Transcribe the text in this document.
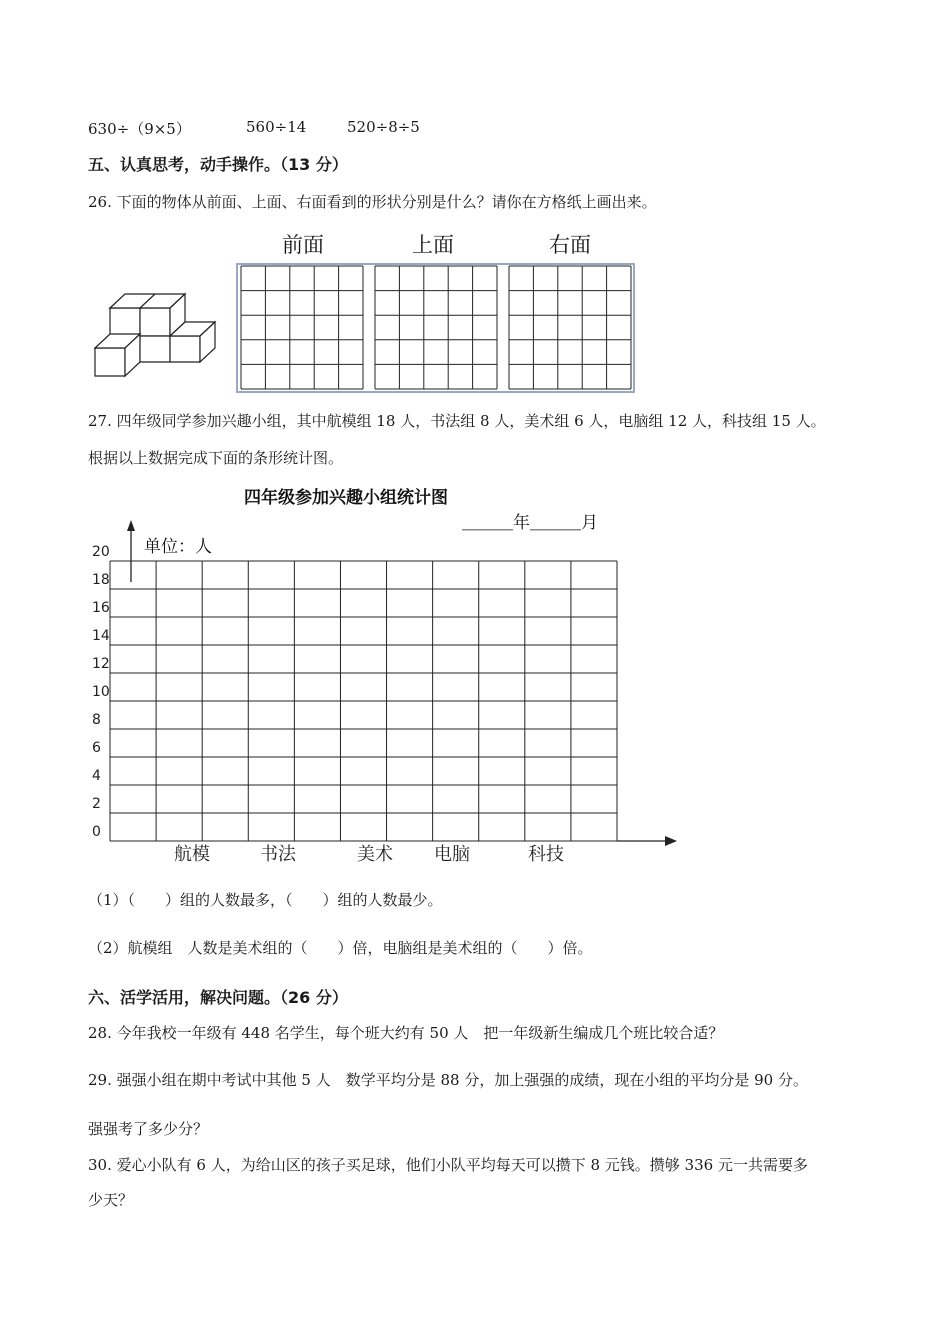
630÷（9×5）	560÷14	520÷8÷5
五、认真思考，动手操作。（13 分）
26. 下面的物体从前面、上面、右面看到的形状分别是什么？请你在方格纸上画出来。
前面	上面	右面
27. 四年级同学参加兴趣小组，其中航模组 18 人，书法组 8 人，美术组 6 人，电脑组 12 人，科技组 15 人。
根据以上数据完成下面的条形统计图。
四年级参加兴趣小组统计图
＿＿＿年＿＿＿月
单位：人
0
2
4
6
8
10
12
14
16
18
20
航模	书法	美术 电脑	科技
（1）（　　）组的人数最多，（　　）组的人数最少。
（2）航模组　人数是美术组的（　　）倍，电脑组是美术组的（　　）倍。
六、活学活用，解决问题。（26 分）
28. 今年我校一年级有 448 名学生，每个班大约有 50 人　把一年级新生编成几个班比较合适？
29. 强强小组在期中考试中其他 5 人　数学平均分是 88 分，加上强强的成绩，现在小组的平均分是 90 分。
强强考了多少分？
30. 爱心小队有 6 人，为给山区的孩子买足球，他们小队平均每天可以攒下 8 元钱。攒够 336 元一共需要多
少天？
